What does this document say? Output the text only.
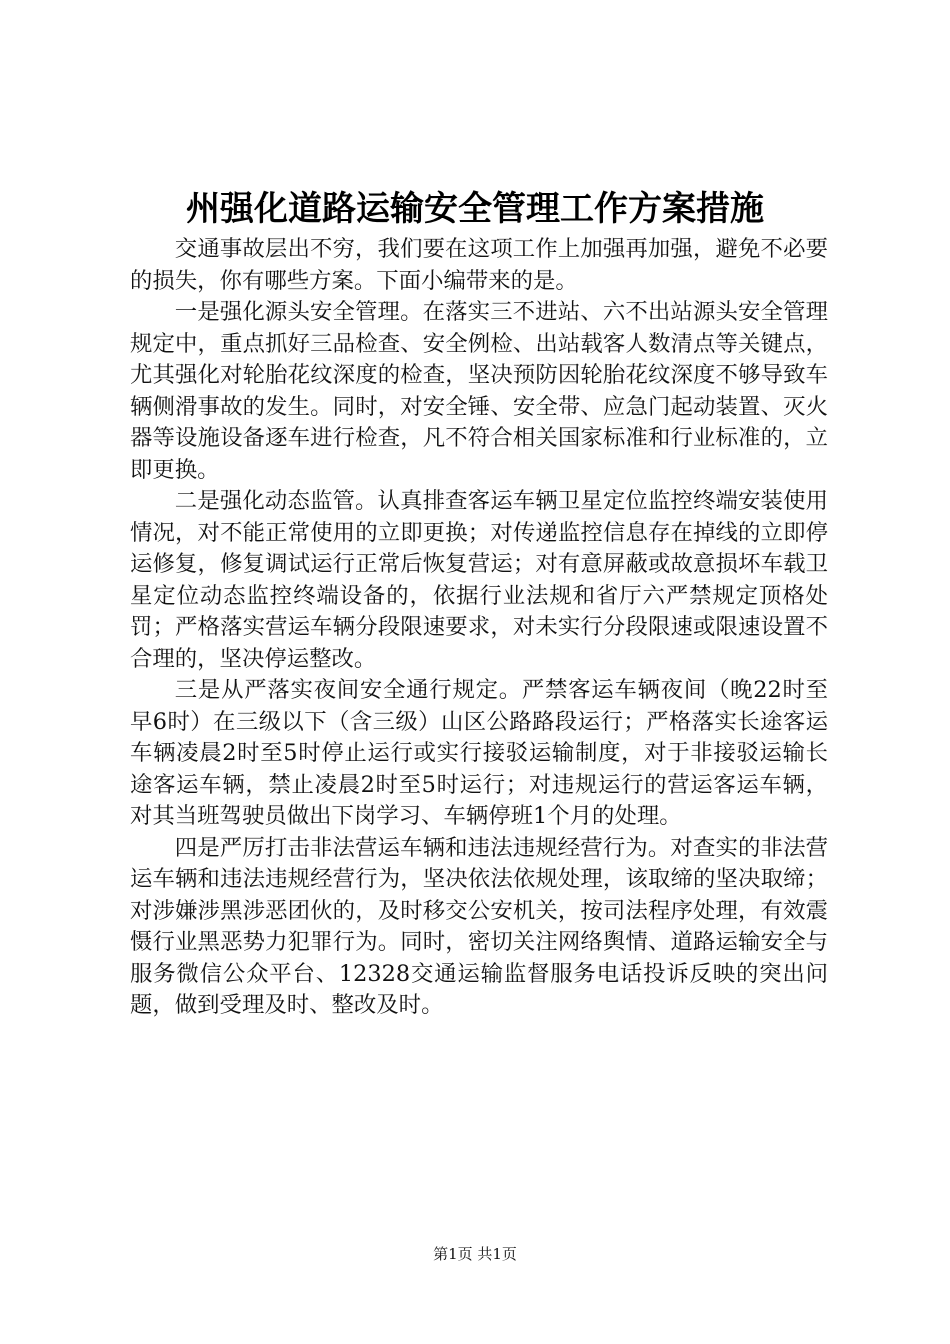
州强化道路运输安全管理工作方案措施

交通事故层出不穷，我们要在这项工作上加强再加强，避免不必要的损失，你有哪些方案。下面小编带来的是。

一是强化源头安全管理。在落实三不进站、六不出站源头安全管理规定中，重点抓好三品检查、安全例检、出站载客人数清点等关键点，尤其强化对轮胎花纹深度的检查，坚决预防因轮胎花纹深度不够导致车辆侧滑事故的发生。同时，对安全锤、安全带、应急门起动装置、灭火器等设施设备逐车进行检查，凡不符合相关国家标准和行业标准的，立即更换。

二是强化动态监管。认真排查客运车辆卫星定位监控终端安装使用情况，对不能正常使用的立即更换；对传递监控信息存在掉线的立即停运修复，修复调试运行正常后恢复营运；对有意屏蔽或故意损坏车载卫星定位动态监控终端设备的，依据行业法规和省厅六严禁规定顶格处罚；严格落实营运车辆分段限速要求，对未实行分段限速或限速设置不合理的，坚决停运整改。

三是从严落实夜间安全通行规定。严禁客运车辆夜间（晚22时至早6时）在三级以下（含三级）山区公路路段运行；严格落实长途客运车辆凌晨2时至5时停止运行或实行接驳运输制度，对于非接驳运输长途客运车辆，禁止凌晨2时至5时运行；对违规运行的营运客运车辆，对其当班驾驶员做出下岗学习、车辆停班1个月的处理。

四是严厉打击非法营运车辆和违法违规经营行为。对查实的非法营运车辆和违法违规经营行为，坚决依法依规处理，该取缔的坚决取缔；对涉嫌涉黑涉恶团伙的，及时移交公安机关，按司法程序处理，有效震慑行业黑恶势力犯罪行为。同时，密切关注网络舆情、道路运输安全与服务微信公众平台、12328交通运输监督服务电话投诉反映的突出问题，做到受理及时、整改及时。

第1页 共1页
